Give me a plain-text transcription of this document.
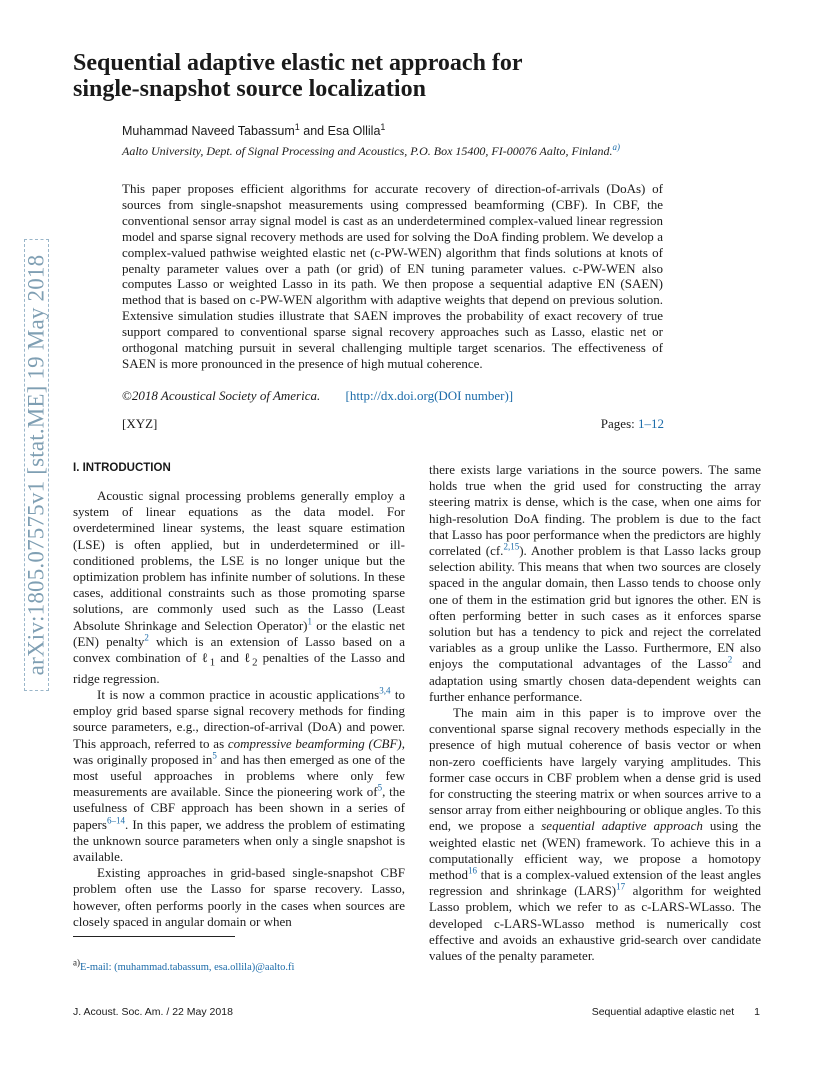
arXiv:1805.07575v1 [stat.ME] 19 May 2018
Sequential adaptive elastic net approach for
single-snapshot source localization
Muhammad Naveed Tabassum$^1$ and Esa Ollila$^1$
Aalto University, Dept. of Signal Processing and Acoustics, P.O. Box 15400, FI-00076 Aalto, Finland.$^{a)}$

This paper proposes efficient algorithms for accurate recovery of direction-of-arrivals (DoAs) of sources from single-snapshot measurements using compressed beamforming (CBF). In CBF, the conventional sensor array signal model is cast as an underdetermined complex-valued linear regression model and sparse signal recovery methods are used for solving the DoA finding problem. We develop a complex-valued pathwise weighted elastic net (c-PW-WEN) algorithm that finds solutions at knots of penalty parameter values over a path (or grid) of EN tuning parameter values. c-PW-WEN also computes Lasso or weighted Lasso in its path. We then propose a sequential adaptive EN (SAEN) method that is based on c-PW-WEN algorithm with adaptive weights that depend on previous solution. Extensive simulation studies illustrate that SAEN improves the probability of exact recovery of true support compared to conventional sparse signal recovery approaches such as Lasso, elastic net or orthogonal matching pursuit in several challenging multiple target scenarios. The effectiveness of SAEN is more pronounced in the presence of high mutual coherence.

©2018 Acoustical Society of America. [http://dx.doi.org(DOI number)]
[XYZ]	Pages: 1–12
I. INTRODUCTION

Acoustic signal processing problems generally employ a system of linear equations as the data model. For overdetermined linear systems, the least square estimation (LSE) is often applied, but in underdetermined or ill-conditioned problems, the LSE is no longer unique but the optimization problem has infinite number of solutions. In these cases, additional constraints such as those promoting sparse solutions, are commonly used such as the Lasso (Least Absolute Shrinkage and Selection Operator)$^1$ or the elastic net (EN) penalty$^2$ which is an extension of Lasso based on a convex combination of ℓ$_1$ and ℓ$_2$ penalties of the Lasso and ridge regression.

It is now a common practice in acoustic applications$^{3,4}$ to employ grid based sparse signal recovery methods for finding source parameters, e.g., direction-of-arrival (DoA) and power. This approach, referred to as compressive beamforming (CBF), was originally proposed $in^5$ and has then emerged as one of the most useful approaches in problems where only few measurements are available. Since the pioneering work $of^5$, the usefulness of CBF approach has been shown in a series of papers$^{6-14}$. In this paper, we address the problem of estimating the unknown source parameters when only a single snapshot is available.

Existing approaches in grid-based single-snapshot CBF problem often use the Lasso for sparse recovery. Lasso, however, often performs poorly in the cases when sources are closely spaced in angular domain or when

there exists large variations in the source powers. The same holds true when the grid used for constructing the array steering matrix is dense, which is the case, when one aims for high-resolution DoA finding. The problem is due to the fact that Lasso has poor performance when the predictors are highly correlated (cf.$^{2,15}$). Another problem is that Lasso lacks group selection ability. This means that when two sources are closely spaced in the angular domain, then Lasso tends to choose only one of them in the estimation grid but ignores the other. EN is often performing better in such cases as it enforces sparse solution but has a tendency to pick and reject the correlated variables as a group unlike the Lasso. Furthermore, EN also enjoys the computational advantages of the Lasso$^2$ and adaptation using smartly chosen data-dependent weights can further enhance performance.

The main aim in this paper is to improve over the conventional sparse signal recovery methods especially in the presence of high mutual coherence of basis vector or when non-zero coefficients have largely varying amplitudes. This former case occurs in CBF problem when a dense grid is used for constructing the steering matrix or when sources arrive to a sensor array from either neighbouring or oblique angles. To this end, we propose a sequential adaptive approach using the weighted elastic net (WEN) framework. To achieve this in a computationally efficient way, we propose a homotopy method$^{16}$ that is a complex-valued extension of the least angles regression and shrinkage (LARS)$^{17}$ algorithm for weighted Lasso problem, which we refer to as c-LARS-WLasso. The developed c-LARS-WLasso method is numerically cost effective and avoids an exhaustive grid-search over candidate values of the penalty parameter.

$^{a)}$E-mail: (muhammad.tabassum, esa.ollila)@aalto.fi
J. Acoust. Soc. Am. / 22 May 2018	Sequential adaptive elastic net 1
